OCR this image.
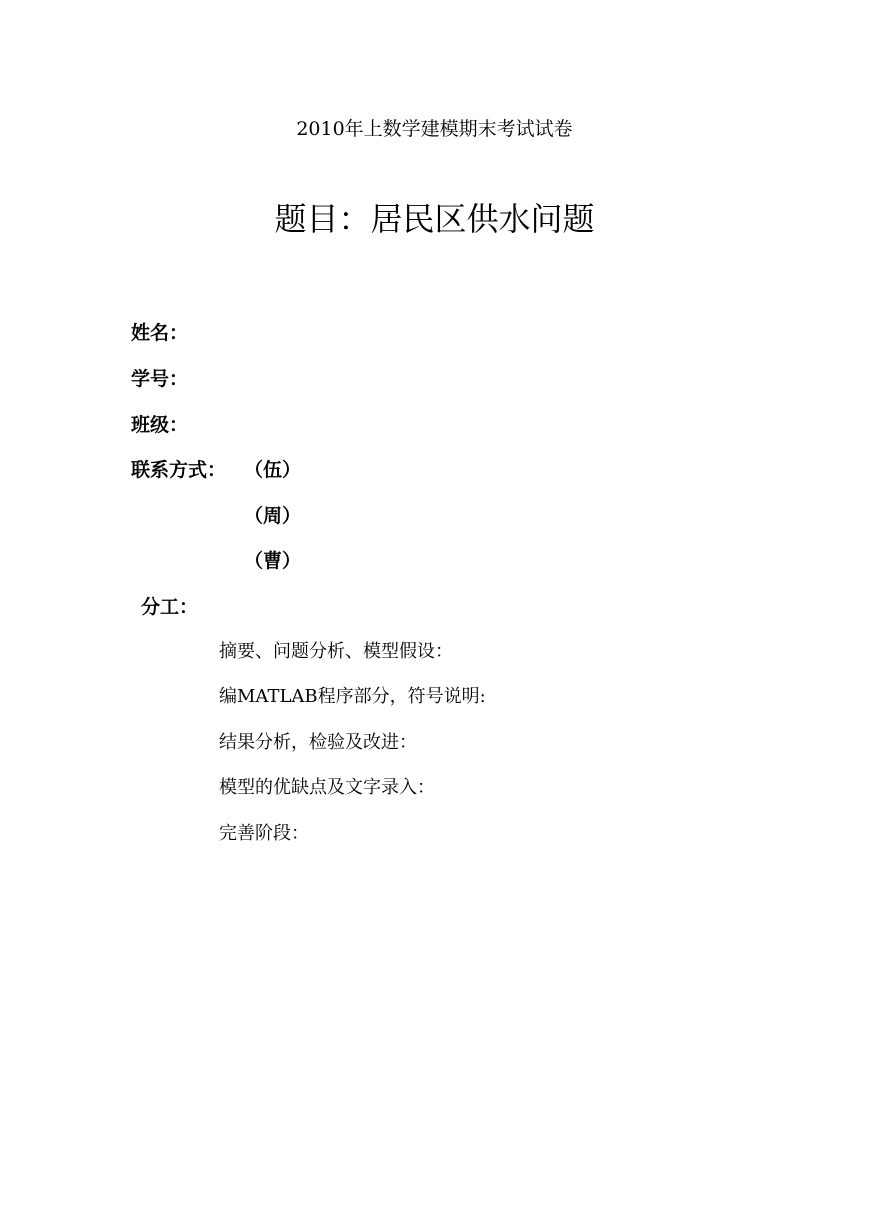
2010年上数学建模期末考试试卷
题目：居民区供水问题
姓名：
学号：
班级：
联系方式： （伍）
（周）
（曹）
分工：
摘要、问题分析、模型假设：
编MATLAB程序部分，符号说明:
结果分析，检验及改进：
模型的优缺点及文字录入：
完善阶段：
